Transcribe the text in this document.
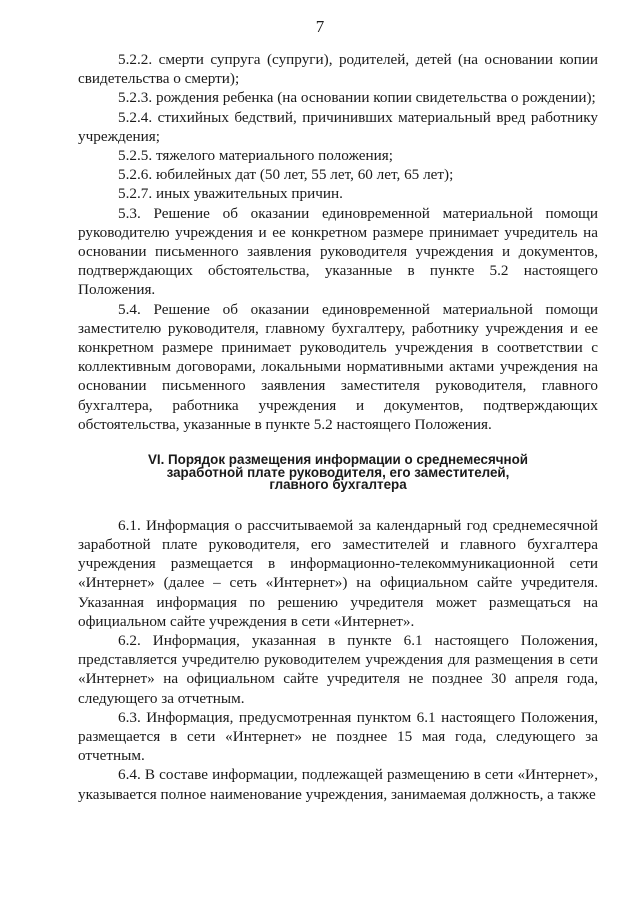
7

5.2.2. смерти супруга (супруги), родителей, детей (на основании копии свидетельства о смерти);

5.2.3. рождения ребенка (на основании копии свидетельства о рождении);

5.2.4. стихийных бедствий, причинивших материальный вред работнику учреждения;

5.2.5. тяжелого материального положения;

5.2.6. юбилейных дат (50 лет, 55 лет, 60 лет, 65 лет);

5.2.7. иных уважительных причин.

5.3. Решение об оказании единовременной материальной помощи руководителю учреждения и ее конкретном размере принимает учредитель на основании письменного заявления руководителя учреждения и документов, подтверждающих обстоятельства, указанные в пункте 5.2 настоящего Положения.

5.4. Решение об оказании единовременной материальной помощи заместителю руководителя, главному бухгалтеру, работнику учреждения и ее конкретном размере принимает руководитель учреждения в соответствии с коллективным договорами, локальными нормативными актами учреждения на основании письменного заявления заместителя руководителя, главного бухгалтера, работника учреждения и документов, подтверждающих обстоятельства, указанные в пункте 5.2 настоящего Положения.

VI. Порядок размещения информации о среднемесячной
заработной плате руководителя, его заместителей,
главного бухгалтера

6.1. Информация о рассчитываемой за календарный год среднемесячной заработной плате руководителя, его заместителей и главного бухгалтера учреждения размещается в информационно-телекоммуникационной сети «Интернет» (далее – сеть «Интернет») на официальном сайте учредителя. Указанная информация по решению учредителя может размещаться на официальном сайте учреждения в сети «Интернет».

6.2. Информация, указанная в пункте 6.1 настоящего Положения, представляется учредителю руководителем учреждения для размещения в сети «Интернет» на официальном сайте учредителя не позднее 30 апреля года, следующего за отчетным.

6.3. Информация, предусмотренная пунктом 6.1 настоящего Положения, размещается в сети «Интернет» не позднее 15 мая года, следующего за отчетным.

6.4. В составе информации, подлежащей размещению в сети «Интернет», указывается полное наименование учреждения, занимаемая должность, а также
